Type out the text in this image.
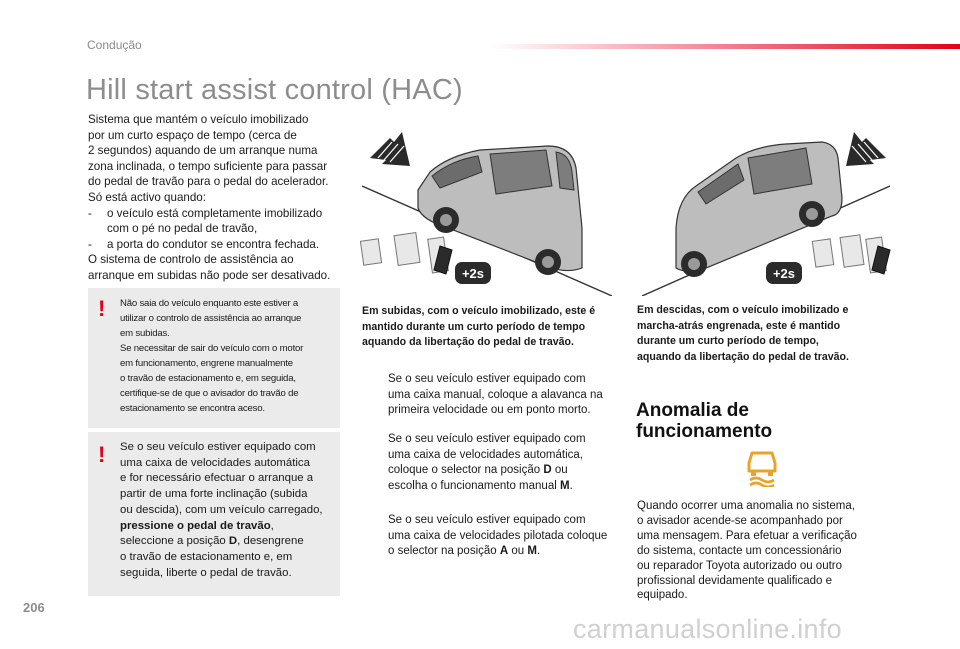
Condução
Hill start assist control (HAC)

Sistema que mantém o veículo imobilizado

por um curto espaço de tempo (cerca de

2 segundos) aquando de um arranque numa

zona inclinada, o tempo suficiente para passar

do pedal de travão para o pedal do acelerador.

Só está activo quando:

-	o veículo está completamente imobilizado
com o pé no pedal de travão,
-	a porta do condutor se encontra fechada.

O sistema de controlo de assistência ao

arranque em subidas não pode ser desativado.

! Não saia do veículo enquanto este estiver a
utilizar o controlo de assistência ao arranque
em subidas.
Se necessitar de sair do veículo com o motor
em funcionamento, engrene manualmente
o travão de estacionamento e, em seguida,
certifique-se de que o avisador do travão de
estacionamento se encontra aceso.
! Se o seu veículo estiver equipado com
uma caixa de velocidades automática
e for necessário efectuar o arranque a
partir de uma forte inclinação (subida
ou descida), com um veículo carregado,
pressione o pedal de travão,
seleccione a posição D, desengrene
o travão de estacionamento e, em
seguida, liberte o pedal de travão.
+2s	+2s
Em subidas, com o veículo imobilizado, este é
mantido durante um curto período de tempo
aquando da libertação do pedal de travão.
Em descidas, com o veículo imobilizado e
marcha-atrás engrenada, este é mantido
durante um curto período de tempo,
aquando da libertação do pedal de travão.
Se o seu veículo estiver equipado com
uma caixa manual, coloque a alavanca na
primeira velocidade ou em ponto morto.
Se o seu veículo estiver equipado com
uma caixa de velocidades automática,
coloque o selector na posição D ou
escolha o funcionamento manual M.
Se o seu veículo estiver equipado com
uma caixa de velocidades pilotada coloque
o selector na posição A ou M.
Anomalia de
funcionamento
Quando ocorrer uma anomalia no sistema,
o avisador acende-se acompanhado por
uma mensagem. Para efetuar a verificação
do sistema, contacte um concessionário
ou reparador Toyota autorizado ou outro
profissional devidamente qualificado e
equipado.
206
carmanualsonline.info
